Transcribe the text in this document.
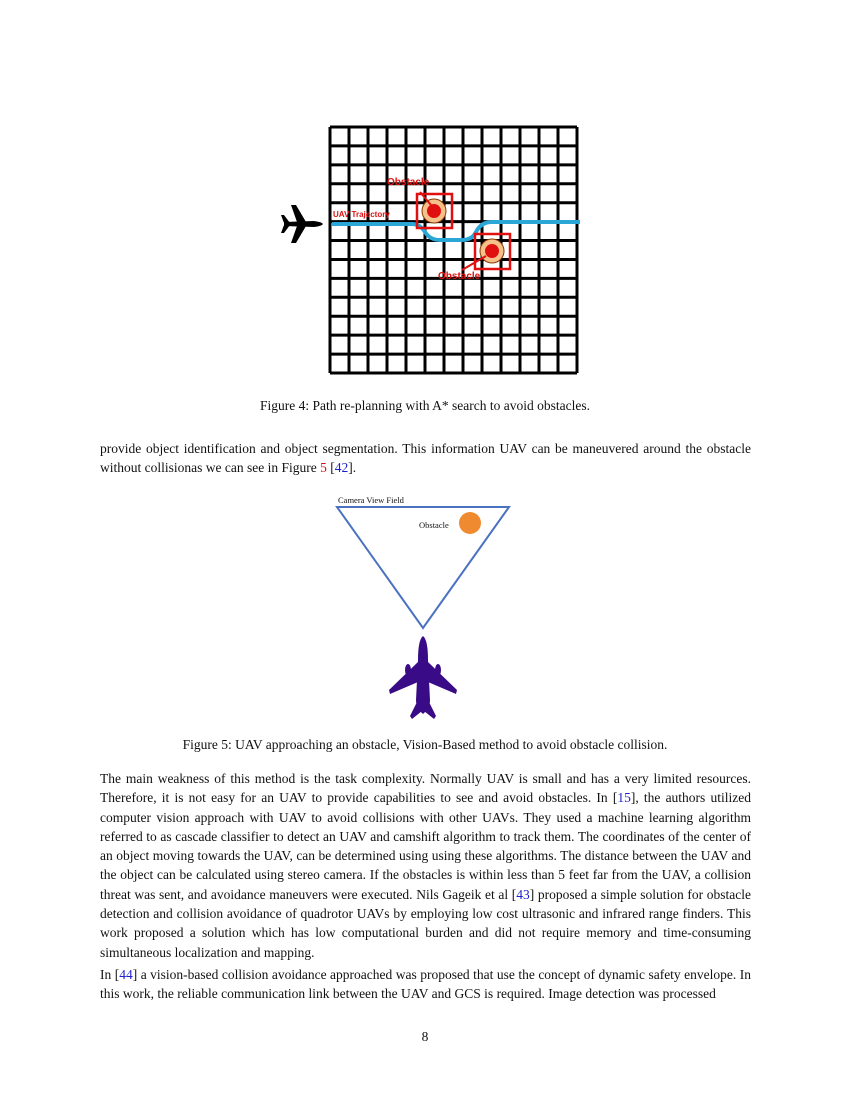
Obstacle
Obstacle
UAV Trajectory
Figure 4: Path re-planning with A* search to avoid obstacles.

provide object identification and object segmentation. This information UAV can be maneuvered around the obstacle without collisionas we can see in Figure 5 [42].

Camera View Field
Obstacle
Figure 5: UAV approaching an obstacle, Vision-Based method to avoid obstacle collision.

The main weakness of this method is the task complexity. Normally UAV is small and has a very limited resources. Therefore, it is not easy for an UAV to provide capabilities to see and avoid obstacles. In [15], the authors utilized computer vision approach with UAV to avoid collisions with other UAVs. They used a machine learning algorithm referred to as cascade classifier to detect an UAV and camshift algorithm to track them. The coordinates of the center of an object moving towards the UAV, can be determined using using these algorithms. The distance between the UAV and the object can be calculated using stereo camera. If the obstacles is within less than 5 feet far from the UAV, a collision threat was sent, and avoidance maneuvers were executed. Nils Gageik et al [43] proposed a simple solution for obstacle detection and collision avoidance of quadrotor UAVs by employing low cost ultrasonic and infrared range finders. This work proposed a solution which has low computational burden and did not require memory and time-consuming simultaneous localization and mapping.

In [44] a vision-based collision avoidance approached was proposed that use the concept of dynamic safety envelope. In this work, the reliable communication link between the UAV and GCS is required. Image detection was processed

8
